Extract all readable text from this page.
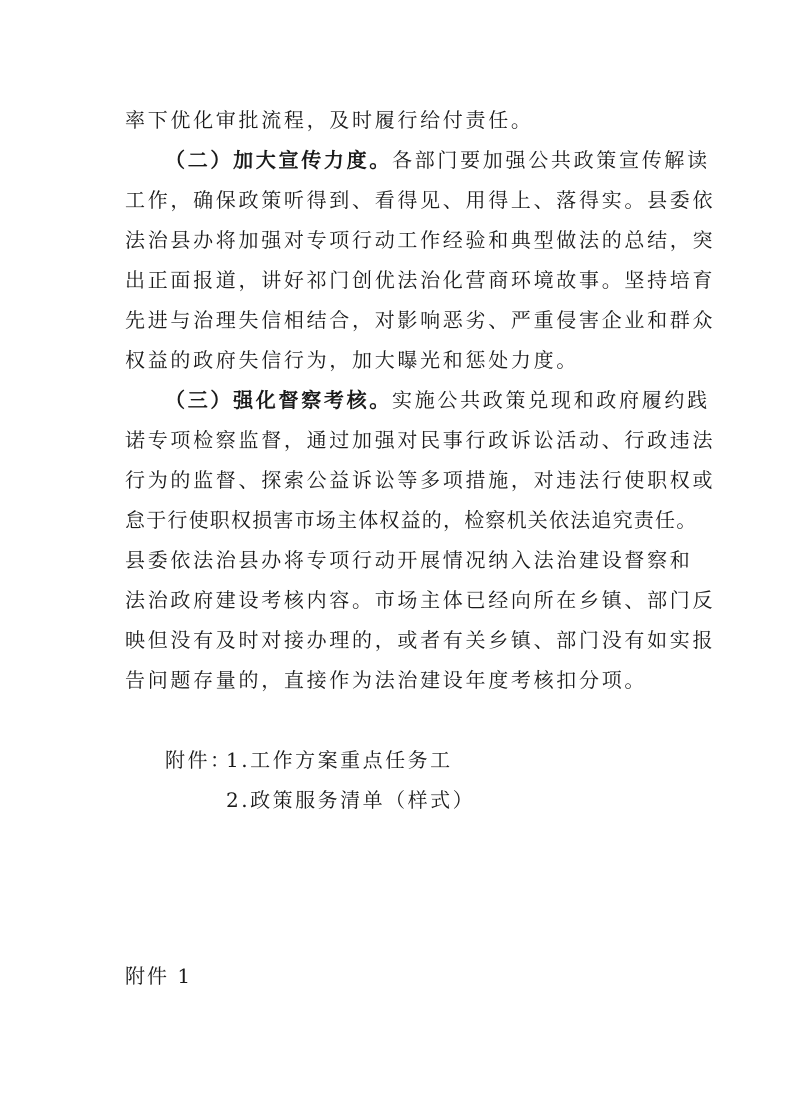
率下优化审批流程，及时履行给付责任。
（二）加大宣传力度。各部门要加强公共政策宣传解读
工作，确保政策听得到、看得见、用得上、落得实。县委依
法治县办将加强对专项行动工作经验和典型做法的总结，突
出正面报道，讲好祁门创优法治化营商环境故事。坚持培育
先进与治理失信相结合，对影响恶劣、严重侵害企业和群众
权益的政府失信行为，加大曝光和惩处力度。
（三）强化督察考核。实施公共政策兑现和政府履约践
诺专项检察监督，通过加强对民事行政诉讼活动、行政违法
行为的监督、探索公益诉讼等多项措施，对违法行使职权或
怠于行使职权损害市场主体权益的，检察机关依法追究责任。
县委依法治县办将专项行动开展情况纳入法治建设督察和
法治政府建设考核内容。市场主体已经向所在乡镇、部门反
映但没有及时对接办理的，或者有关乡镇、部门没有如实报
告问题存量的，直接作为法治建设年度考核扣分项。
附件：
1.工作方案重点任务工
2.政策服务清单（样式）
附件 1
